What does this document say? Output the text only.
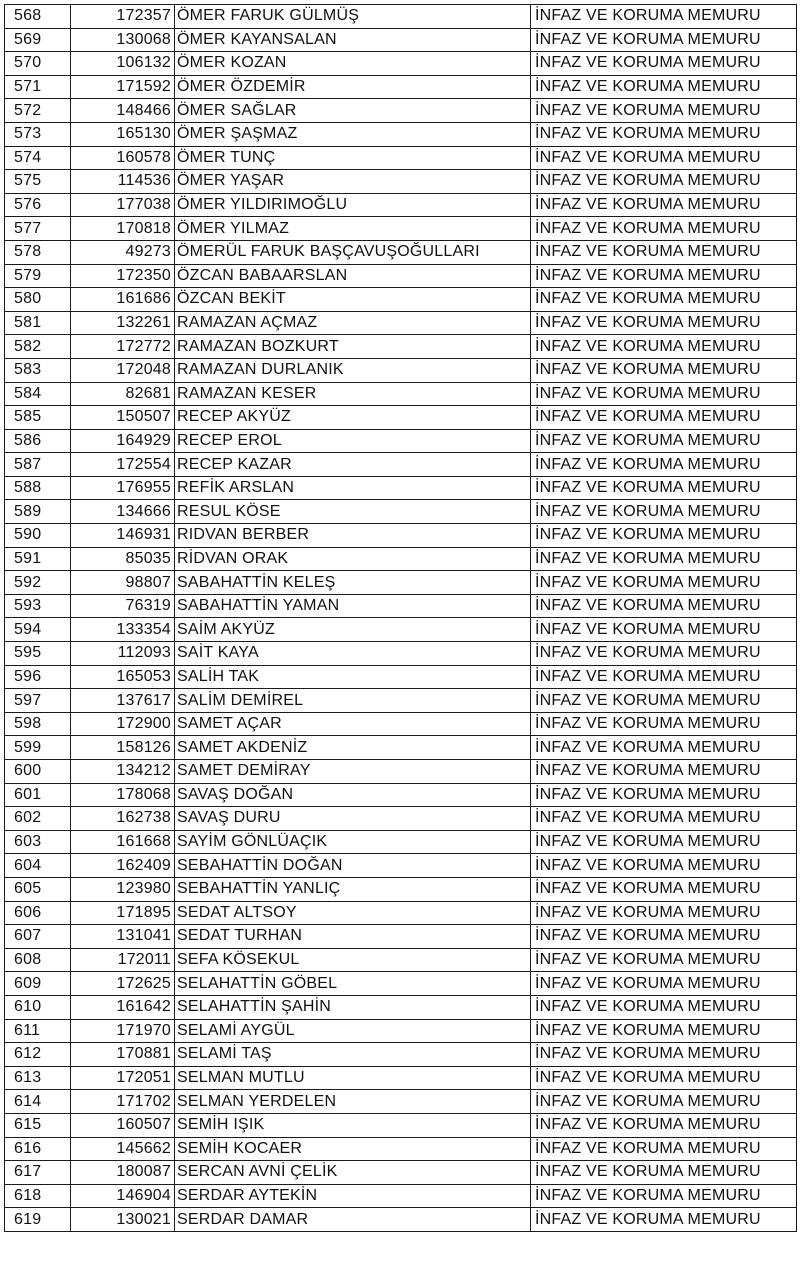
568	172357	ÖMER FARUK GÜLMÜŞ	İNFAZ VE KORUMA MEMURU
569	130068	ÖMER KAYANSALAN	İNFAZ VE KORUMA MEMURU
570	106132	ÖMER KOZAN	İNFAZ VE KORUMA MEMURU
571	171592	ÖMER ÖZDEMİR	İNFAZ VE KORUMA MEMURU
572	148466	ÖMER SAĞLAR	İNFAZ VE KORUMA MEMURU
573	165130	ÖMER ŞAŞMAZ	İNFAZ VE KORUMA MEMURU
574	160578	ÖMER TUNÇ	İNFAZ VE KORUMA MEMURU
575	114536	ÖMER YAŞAR	İNFAZ VE KORUMA MEMURU
576	177038	ÖMER YILDIRIMOĞLU	İNFAZ VE KORUMA MEMURU
577	170818	ÖMER YILMAZ	İNFAZ VE KORUMA MEMURU
578	49273	ÖMERÜL FARUK BAŞÇAVUŞOĞULLARI	İNFAZ VE KORUMA MEMURU
579	172350	ÖZCAN BABAARSLAN	İNFAZ VE KORUMA MEMURU
580	161686	ÖZCAN BEKİT	İNFAZ VE KORUMA MEMURU
581	132261	RAMAZAN AÇMAZ	İNFAZ VE KORUMA MEMURU
582	172772	RAMAZAN BOZKURT	İNFAZ VE KORUMA MEMURU
583	172048	RAMAZAN DURLANIK	İNFAZ VE KORUMA MEMURU
584	82681	RAMAZAN KESER	İNFAZ VE KORUMA MEMURU
585	150507	RECEP AKYÜZ	İNFAZ VE KORUMA MEMURU
586	164929	RECEP EROL	İNFAZ VE KORUMA MEMURU
587	172554	RECEP KAZAR	İNFAZ VE KORUMA MEMURU
588	176955	REFİK ARSLAN	İNFAZ VE KORUMA MEMURU
589	134666	RESUL KÖSE	İNFAZ VE KORUMA MEMURU
590	146931	RIDVAN BERBER	İNFAZ VE KORUMA MEMURU
591	85035	RİDVAN ORAK	İNFAZ VE KORUMA MEMURU
592	98807	SABAHATTİN KELEŞ	İNFAZ VE KORUMA MEMURU
593	76319	SABAHATTİN YAMAN	İNFAZ VE KORUMA MEMURU
594	133354	SAİM AKYÜZ	İNFAZ VE KORUMA MEMURU
595	112093	SAİT KAYA	İNFAZ VE KORUMA MEMURU
596	165053	SALİH TAK	İNFAZ VE KORUMA MEMURU
597	137617	SALİM DEMİREL	İNFAZ VE KORUMA MEMURU
598	172900	SAMET AÇAR	İNFAZ VE KORUMA MEMURU
599	158126	SAMET AKDENİZ	İNFAZ VE KORUMA MEMURU
600	134212	SAMET DEMİRAY	İNFAZ VE KORUMA MEMURU
601	178068	SAVAŞ DOĞAN	İNFAZ VE KORUMA MEMURU
602	162738	SAVAŞ DURU	İNFAZ VE KORUMA MEMURU
603	161668	SAYİM GÖNLÜAÇIK	İNFAZ VE KORUMA MEMURU
604	162409	SEBAHATTİN DOĞAN	İNFAZ VE KORUMA MEMURU
605	123980	SEBAHATTİN YANLIÇ	İNFAZ VE KORUMA MEMURU
606	171895	SEDAT ALTSOY	İNFAZ VE KORUMA MEMURU
607	131041	SEDAT TURHAN	İNFAZ VE KORUMA MEMURU
608	172011	SEFA KÖSEKUL	İNFAZ VE KORUMA MEMURU
609	172625	SELAHATTİN GÖBEL	İNFAZ VE KORUMA MEMURU
610	161642	SELAHATTİN ŞAHİN	İNFAZ VE KORUMA MEMURU
611	171970	SELAMİ AYGÜL	İNFAZ VE KORUMA MEMURU
612	170881	SELAMİ TAŞ	İNFAZ VE KORUMA MEMURU
613	172051	SELMAN MUTLU	İNFAZ VE KORUMA MEMURU
614	171702	SELMAN YERDELEN	İNFAZ VE KORUMA MEMURU
615	160507	SEMİH IŞIK	İNFAZ VE KORUMA MEMURU
616	145662	SEMİH KOCAER	İNFAZ VE KORUMA MEMURU
617	180087	SERCAN AVNİ ÇELİK	İNFAZ VE KORUMA MEMURU
618	146904	SERDAR AYTEKİN	İNFAZ VE KORUMA MEMURU
619	130021	SERDAR DAMAR	İNFAZ VE KORUMA MEMURU
